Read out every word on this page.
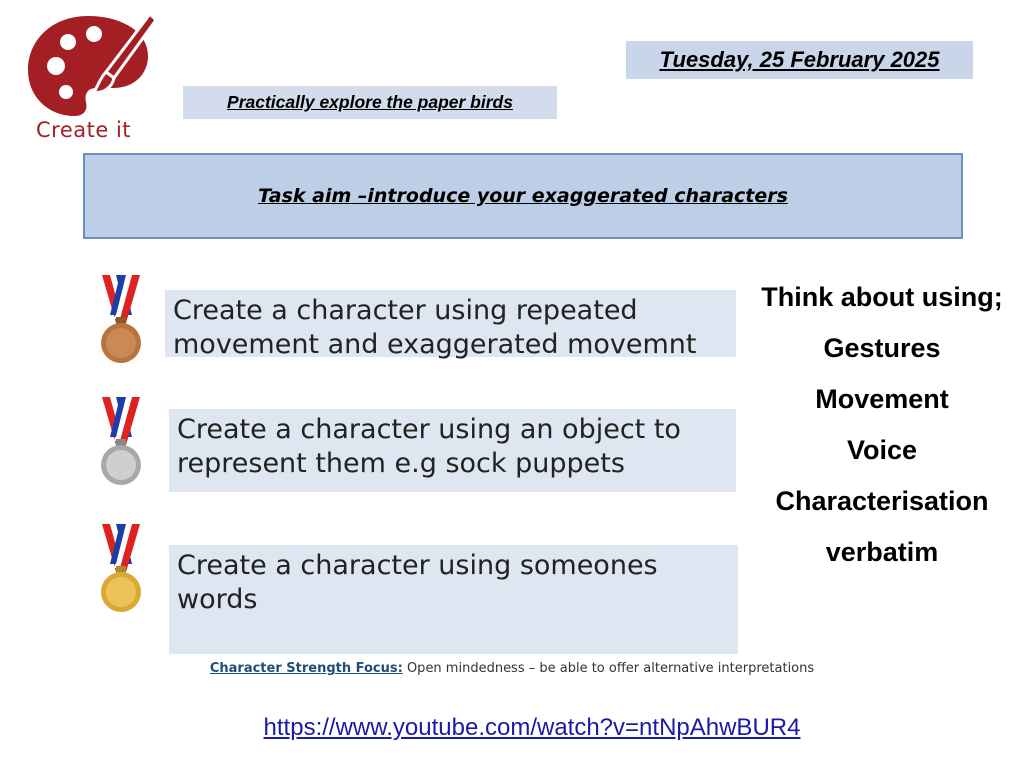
Create it
Tuesday, 25 February 2025
Practically explore the paper birds
Task aim –introduce your exaggerated characters
Create a character using repeated movement and exaggerated movemnt
Create a character using an object to represent them e.g sock puppets
Create a character using someones words
Think about using;
Gestures
Movement
Voice
Characterisation
verbatim
Character Strength Focus: Open mindedness – be able to offer alternative interpretations
https://www.youtube.com/watch?v=ntNpAhwBUR4
